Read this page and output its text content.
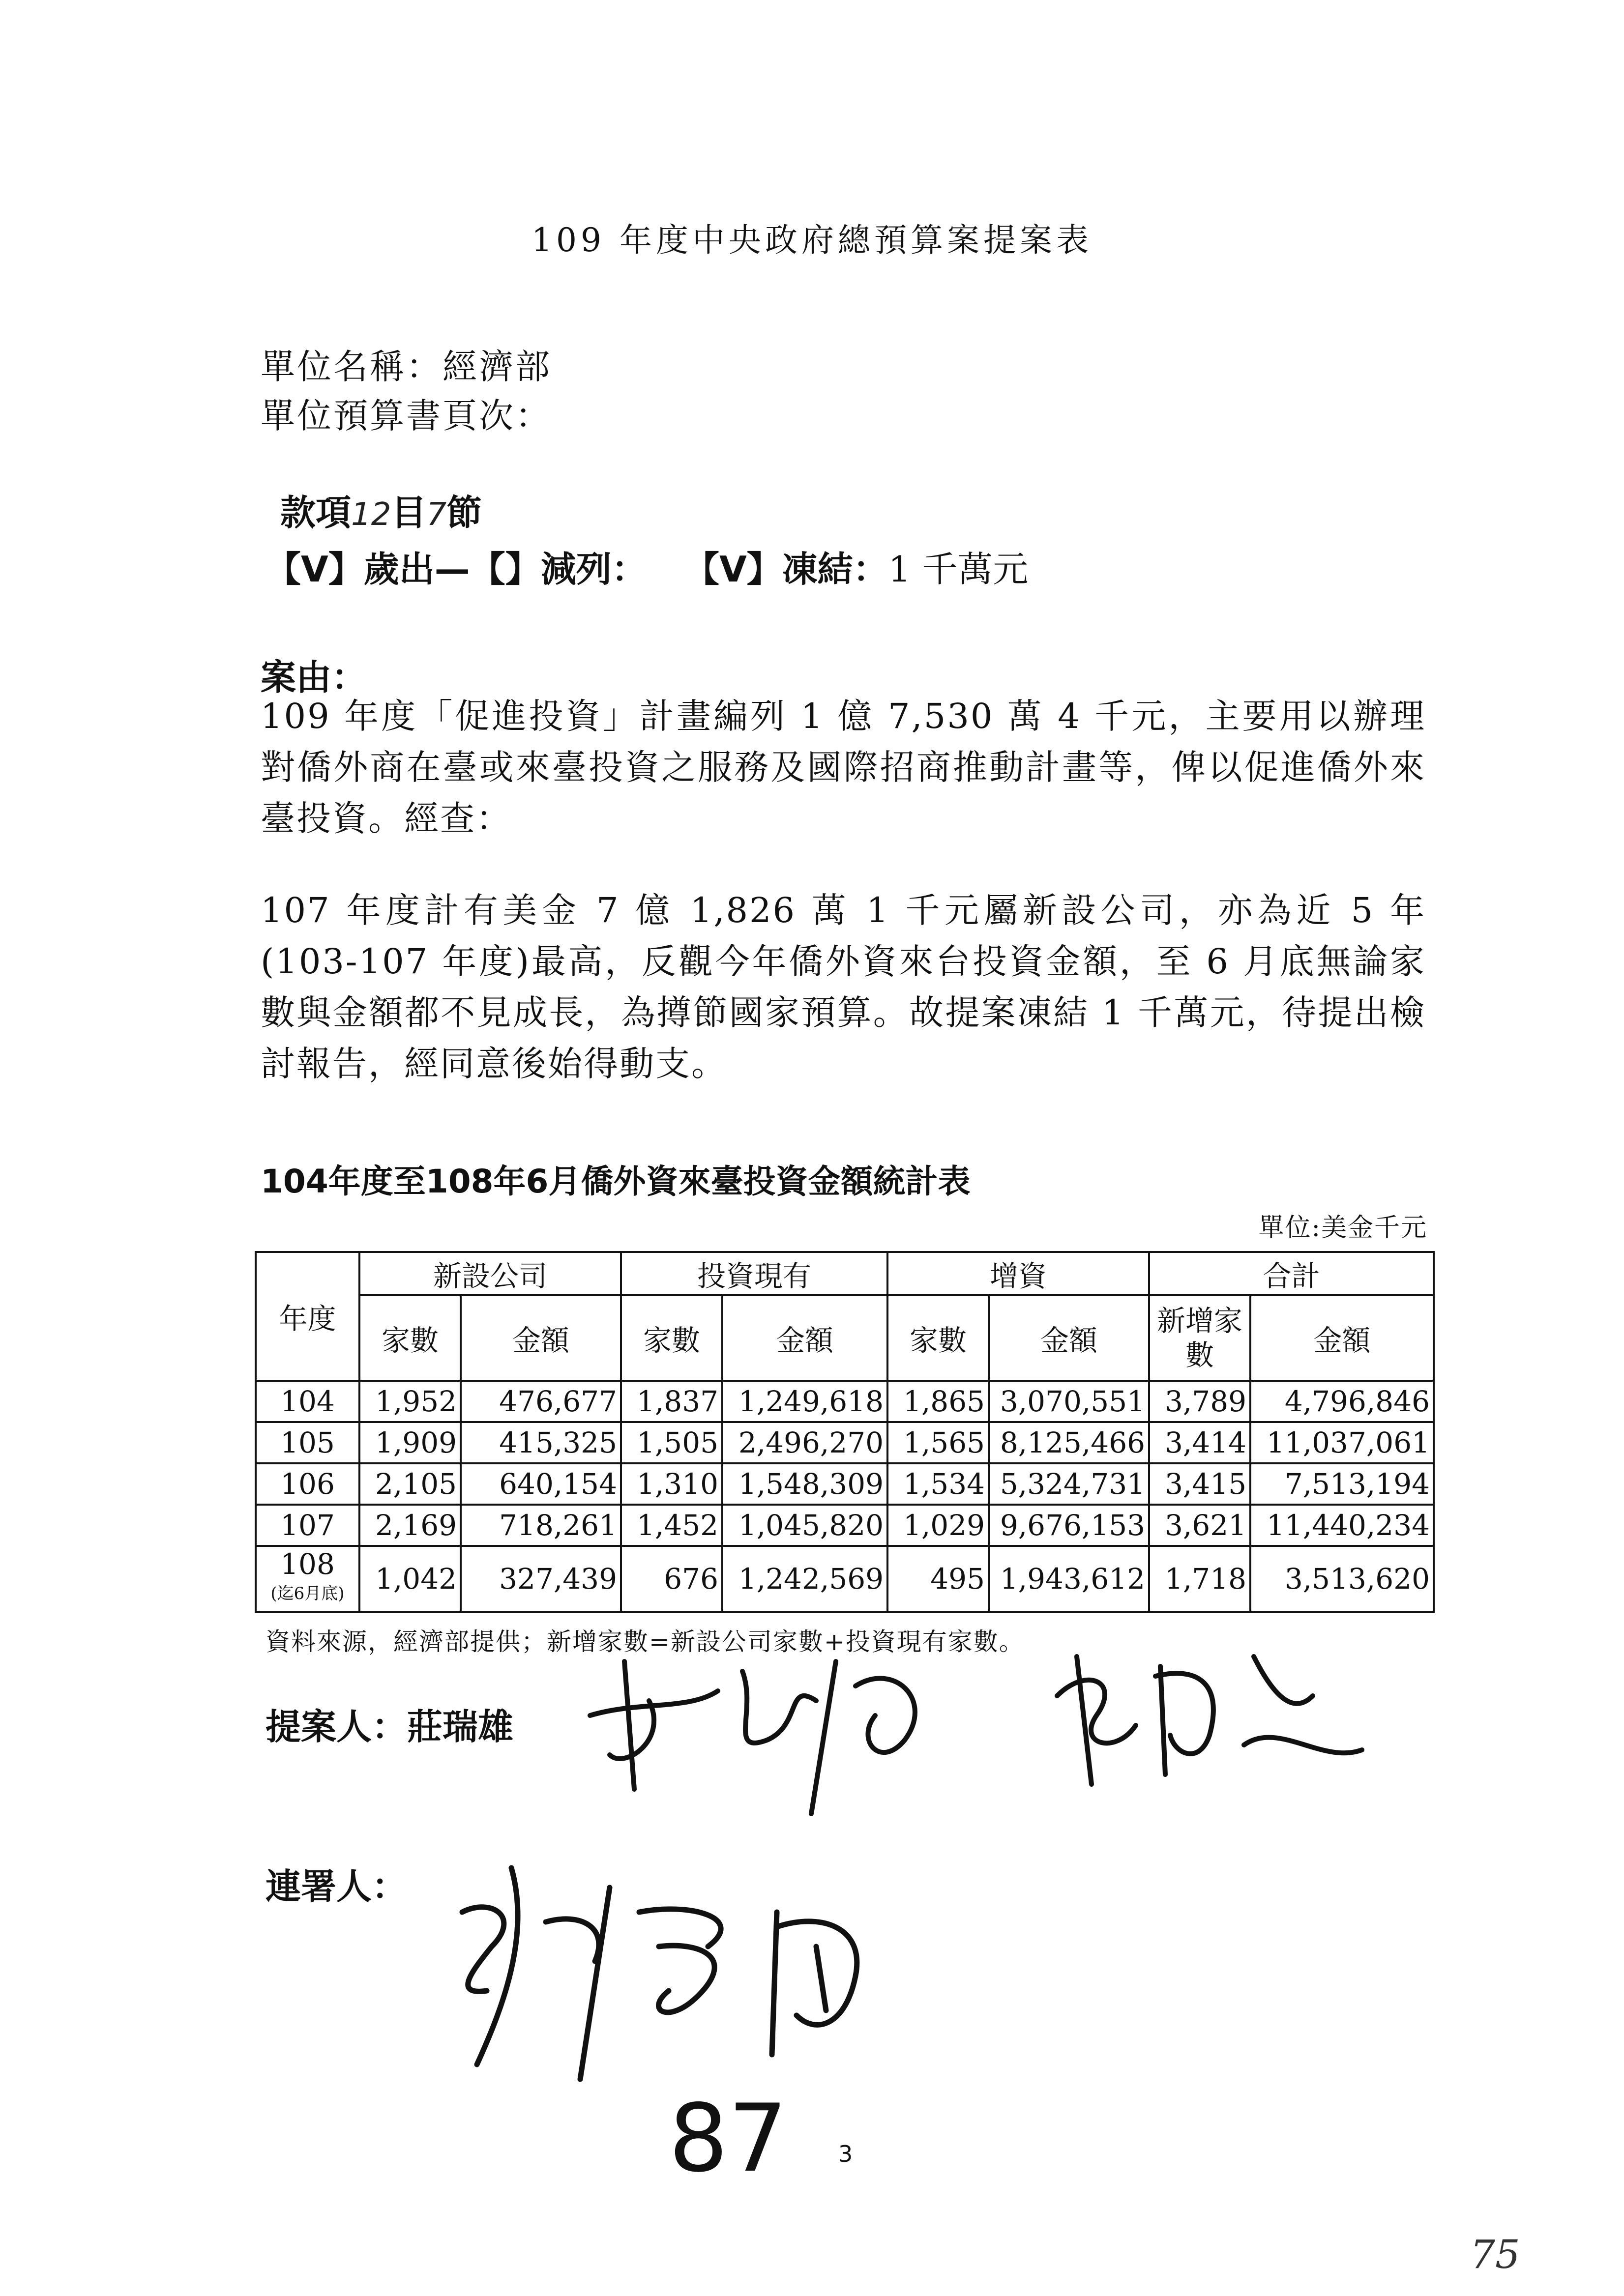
109 年度中央政府總預算案提案表
單位名稱：經濟部
單位預算書頁次：
款項12目7節
【V】歲出—【】減列： 【V】凍結：1 千萬元
案由：
109 年度「促進投資」計畫編列 1 億 7,530 萬 4 千元，主要用以辦理對僑外商在臺或來臺投資之服務及國際招商推動計畫等，俾以促進僑外來臺投資。經查：
107 年度計有美金 7 億 1,826 萬 1 千元屬新設公司，亦為近 5 年(103-107 年度)最高，反觀今年僑外資來台投資金額，至 6 月底無論家數與金額都不見成長，為撙節國家預算。故提案凍結 1 千萬元，待提出檢討報告，經同意後始得動支。
104年度至108年6月僑外資來臺投資金額統計表
單位:美金千元
年度	新設公司		投資現有		增資		合計	
	家數	金額	家數	金額	家數	金額	新增家數	金額
104	1,952	476,677	1,837	1,249,618	1,865	3,070,551	3,789	4,796,846
105	1,909	415,325	1,505	2,496,270	1,565	8,125,466	3,414	11,037,061
106	2,105	640,154	1,310	1,548,309	1,534	5,324,731	3,415	7,513,194
107	2,169	718,261	1,452	1,045,820	1,029	9,676,153	3,621	11,440,234
108
(迄6月底)	1,042	327,439	676	1,242,569	495	1,943,612	1,718	3,513,620
資料來源，經濟部提供；新增家數=新設公司家數+投資現有家數。
提案人：莊瑞雄
連署人：
87 3
75
